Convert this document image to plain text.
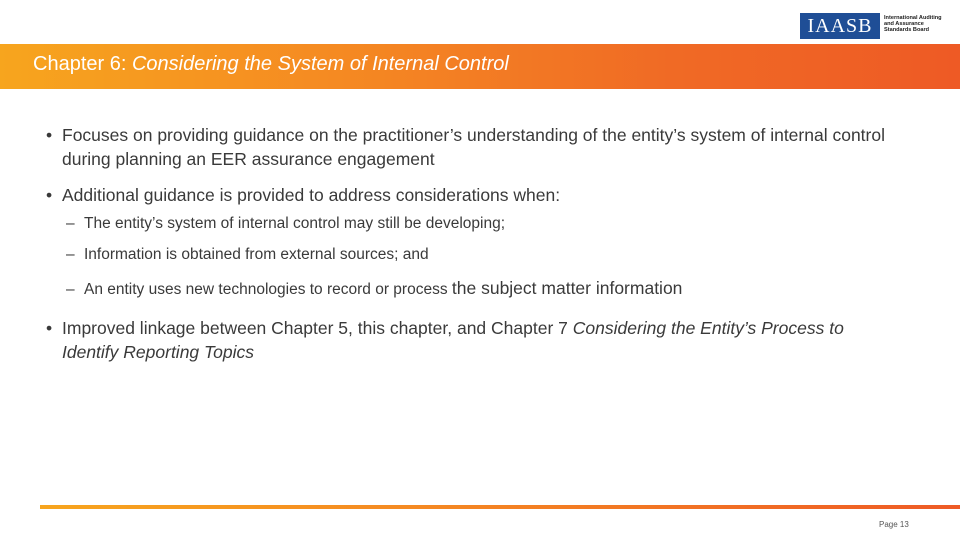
IAASB International Auditing
and Assurance
Standards Board
Chapter 6: Considering the System of Internal Control
• Focuses on providing guidance on the practitioner’s understanding of the entity’s system of internal control during planning an EER assurance engagement
• Additional guidance is provided to address considerations when:
– The entity’s system of internal control may still be developing;
– Information is obtained from external sources; and
– An entity uses new technologies to record or process the subject matter information
• Improved linkage between Chapter 5, this chapter, and Chapter 7 Considering the Entity’s Process to Identify Reporting Topics
Page 13
